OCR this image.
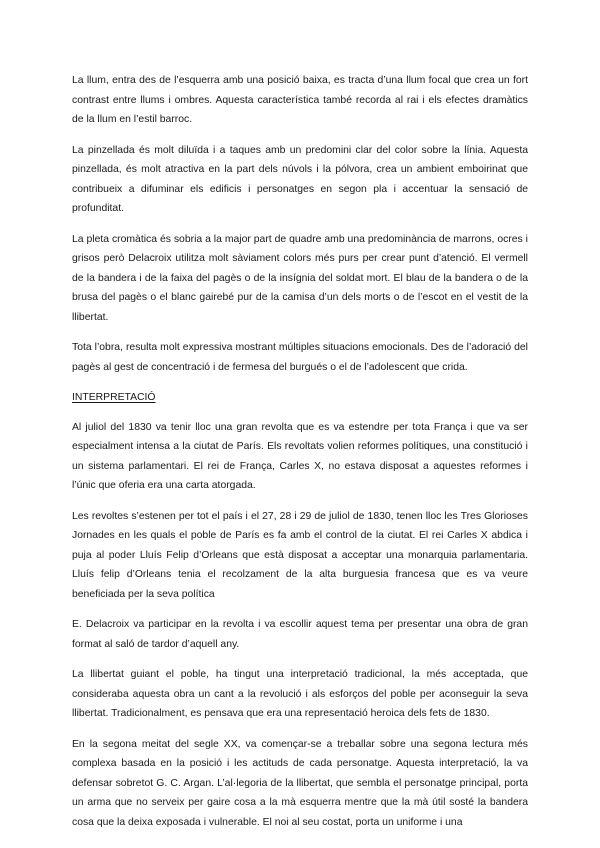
La llum, entra des de l’esquerra amb una posició baixa, es tracta d’una llum focal que crea un fort contrast entre llums i ombres. Aquesta característica també recorda al rai i els efectes dramàtics de la llum en l’estil barroc.

La pinzellada és molt diluïda i a taques amb un predomini clar del color sobre la línia. Aquesta pinzellada, és molt atractiva en la part dels núvols i la pólvora, crea un ambient emboirinat que contribueix a difuminar els edificis i personatges en segon pla i accentuar la sensació de profunditat.

La pleta cromàtica és sobria a la major part de quadre amb una predominància de marrons, ocres i grisos però Delacroix utilitza molt sàviament colors més purs per crear punt d’atenció. El vermell de la bandera i de la faixa del pagès o de la insígnia del soldat mort. El blau de la bandera o de la brusa del pagès o el blanc gairebé pur de la camisa d’un dels morts o de l’escot en el vestit de la llibertat.

Tota l’obra, resulta molt expressiva mostrant múltiples situacions emocionals. Des de l’adoració del pagès al gest de concentració i de fermesa del burgués o el de l’adolescent que crida.

INTERPRETACIÓ

Al juliol del 1830 va tenir lloc una gran revolta que es va estendre per tota França i que va ser especialment intensa a la ciutat de París. Els revoltats volien reformes polítiques, una constitució i un sistema parlamentari. El rei de França, Carles X, no estava disposat a aquestes reformes i l’únic que oferia era una carta atorgada.

Les revoltes s’estenen per tot el país i el 27, 28 i 29 de juliol de 1830, tenen lloc les Tres Glorioses Jornades en les quals el poble de París es fa amb el control de la ciutat. El rei Carles X abdica i puja al poder Lluís Felip d’Orleans que està disposat a acceptar una monarquia parlamentaria. Lluís felip d’Orleans tenia el recolzament de la alta burguesia francesa que es va veure beneficiada per la seva política

E. Delacroix va participar en la revolta i va escollir aquest tema per presentar una obra de gran format al saló de tardor d’aquell any.

La llibertat guiant el poble, ha tingut una interpretació tradicional, la més acceptada, que consideraba aquesta obra un cant a la revolució i als esforços del poble per aconseguir la seva llibertat. Tradicionalment, es pensava que era una representació heroica dels fets de 1830.

En la segona meitat del segle XX, va començar-se a treballar sobre una segona lectura més complexa basada en la posició i les actituds de cada personatge. Aquesta interpretació, la va defensar sobretot G. C. Argan. L’al·legoria de la llibertat, que sembla el personatge principal, porta un arma que no serveix per gaire cosa a la mà esquerra mentre que la mà útil sosté la bandera cosa que la deixa exposada i vulnerable. El noi al seu costat, porta un uniforme i una
